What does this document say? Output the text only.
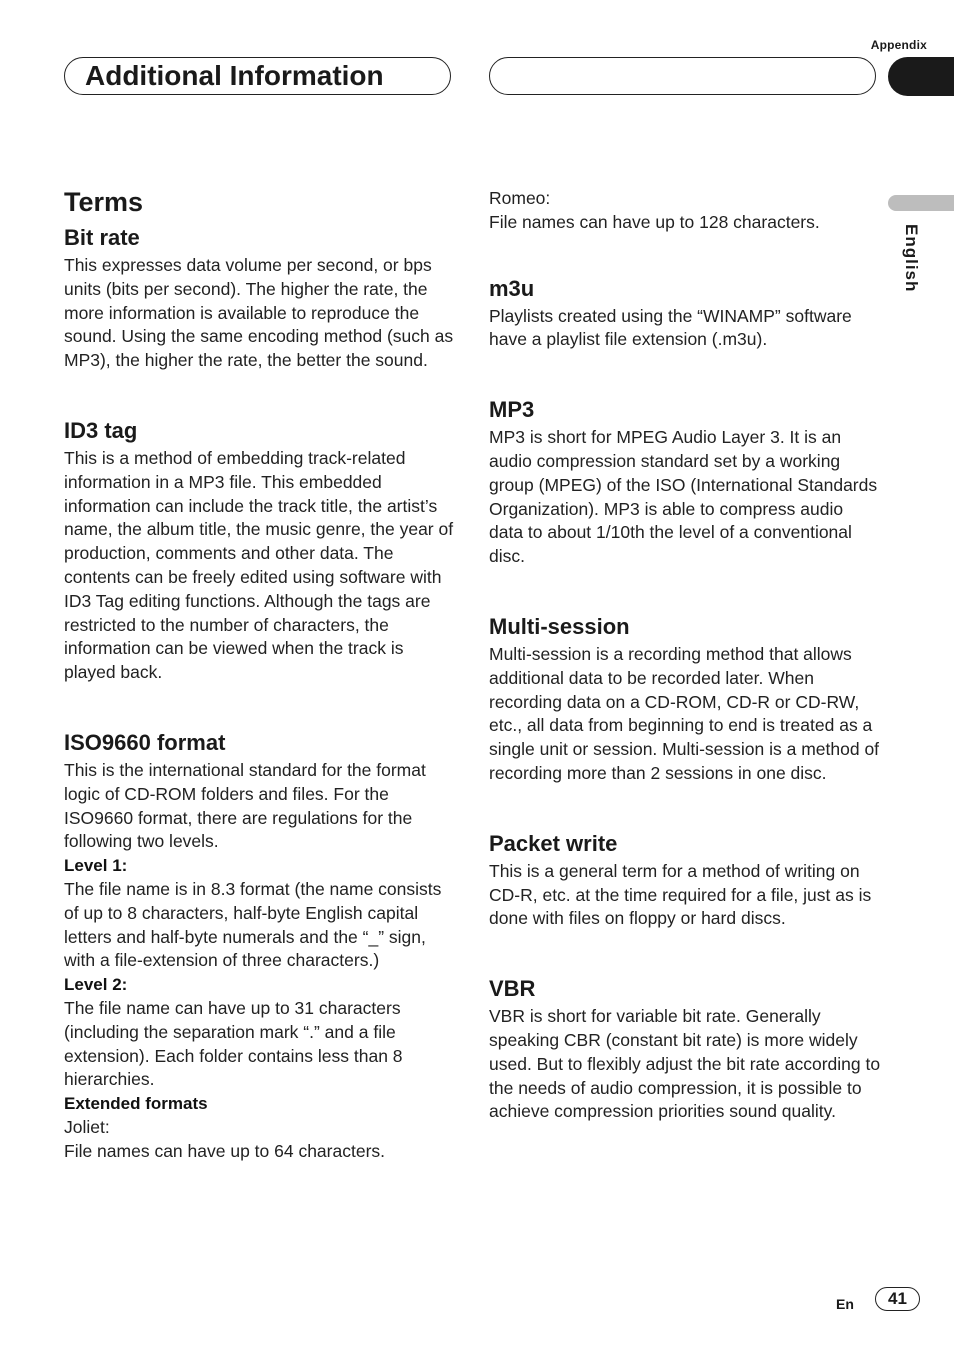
Appendix
Additional Information
English
Terms
Bit rate

This expresses data volume per second, or bps units (bits per second). The higher the rate, the more information is available to reproduce the sound. Using the same encoding method (such as MP3), the higher the rate, the better the sound.

ID3 tag

This is a method of embedding track-related information in a MP3 file. This embedded information can include the track title, the artist’s name, the album title, the music genre, the year of production, comments and other data. The contents can be freely edited using software with ID3 Tag editing functions. Although the tags are restricted to the number of characters, the information can be viewed when the track is played back.

ISO9660 format

This is the international standard for the format logic of CD-ROM folders and files. For the ISO9660 format, there are regulations for the following two levels.

Level 1:

The file name is in 8.3 format (the name consists of up to 8 characters, half-byte English capital letters and half-byte numerals and the “_” sign, with a file-extension of three characters.)

Level 2:

The file name can have up to 31 characters (including the separation mark “.” and a file extension). Each folder contains less than 8 hierarchies.

Extended formats

Joliet:

File names can have up to 64 characters.

Romeo:

File names can have up to 128 characters.

m3u

Playlists created using the “WINAMP” software have a playlist file extension (.m3u).

MP3

MP3 is short for MPEG Audio Layer 3. It is an audio compression standard set by a working group (MPEG) of the ISO (International Standards Organization). MP3 is able to compress audio data to about 1/10th the level of a conventional disc.

Multi-session

Multi-session is a recording method that allows additional data to be recorded later. When recording data on a CD-ROM, CD-R or CD-RW, etc., all data from beginning to end is treated as a single unit or session. Multi-session is a method of recording more than 2 sessions in one disc.

Packet write

This is a general term for a method of writing on CD-R, etc. at the time required for a file, just as is done with files on floppy or hard discs.

VBR

VBR is short for variable bit rate. Generally speaking CBR (constant bit rate) is more widely used. But to flexibly adjust the bit rate according to the needs of audio compression, it is possible to achieve compression priorities sound quality.

En	41
